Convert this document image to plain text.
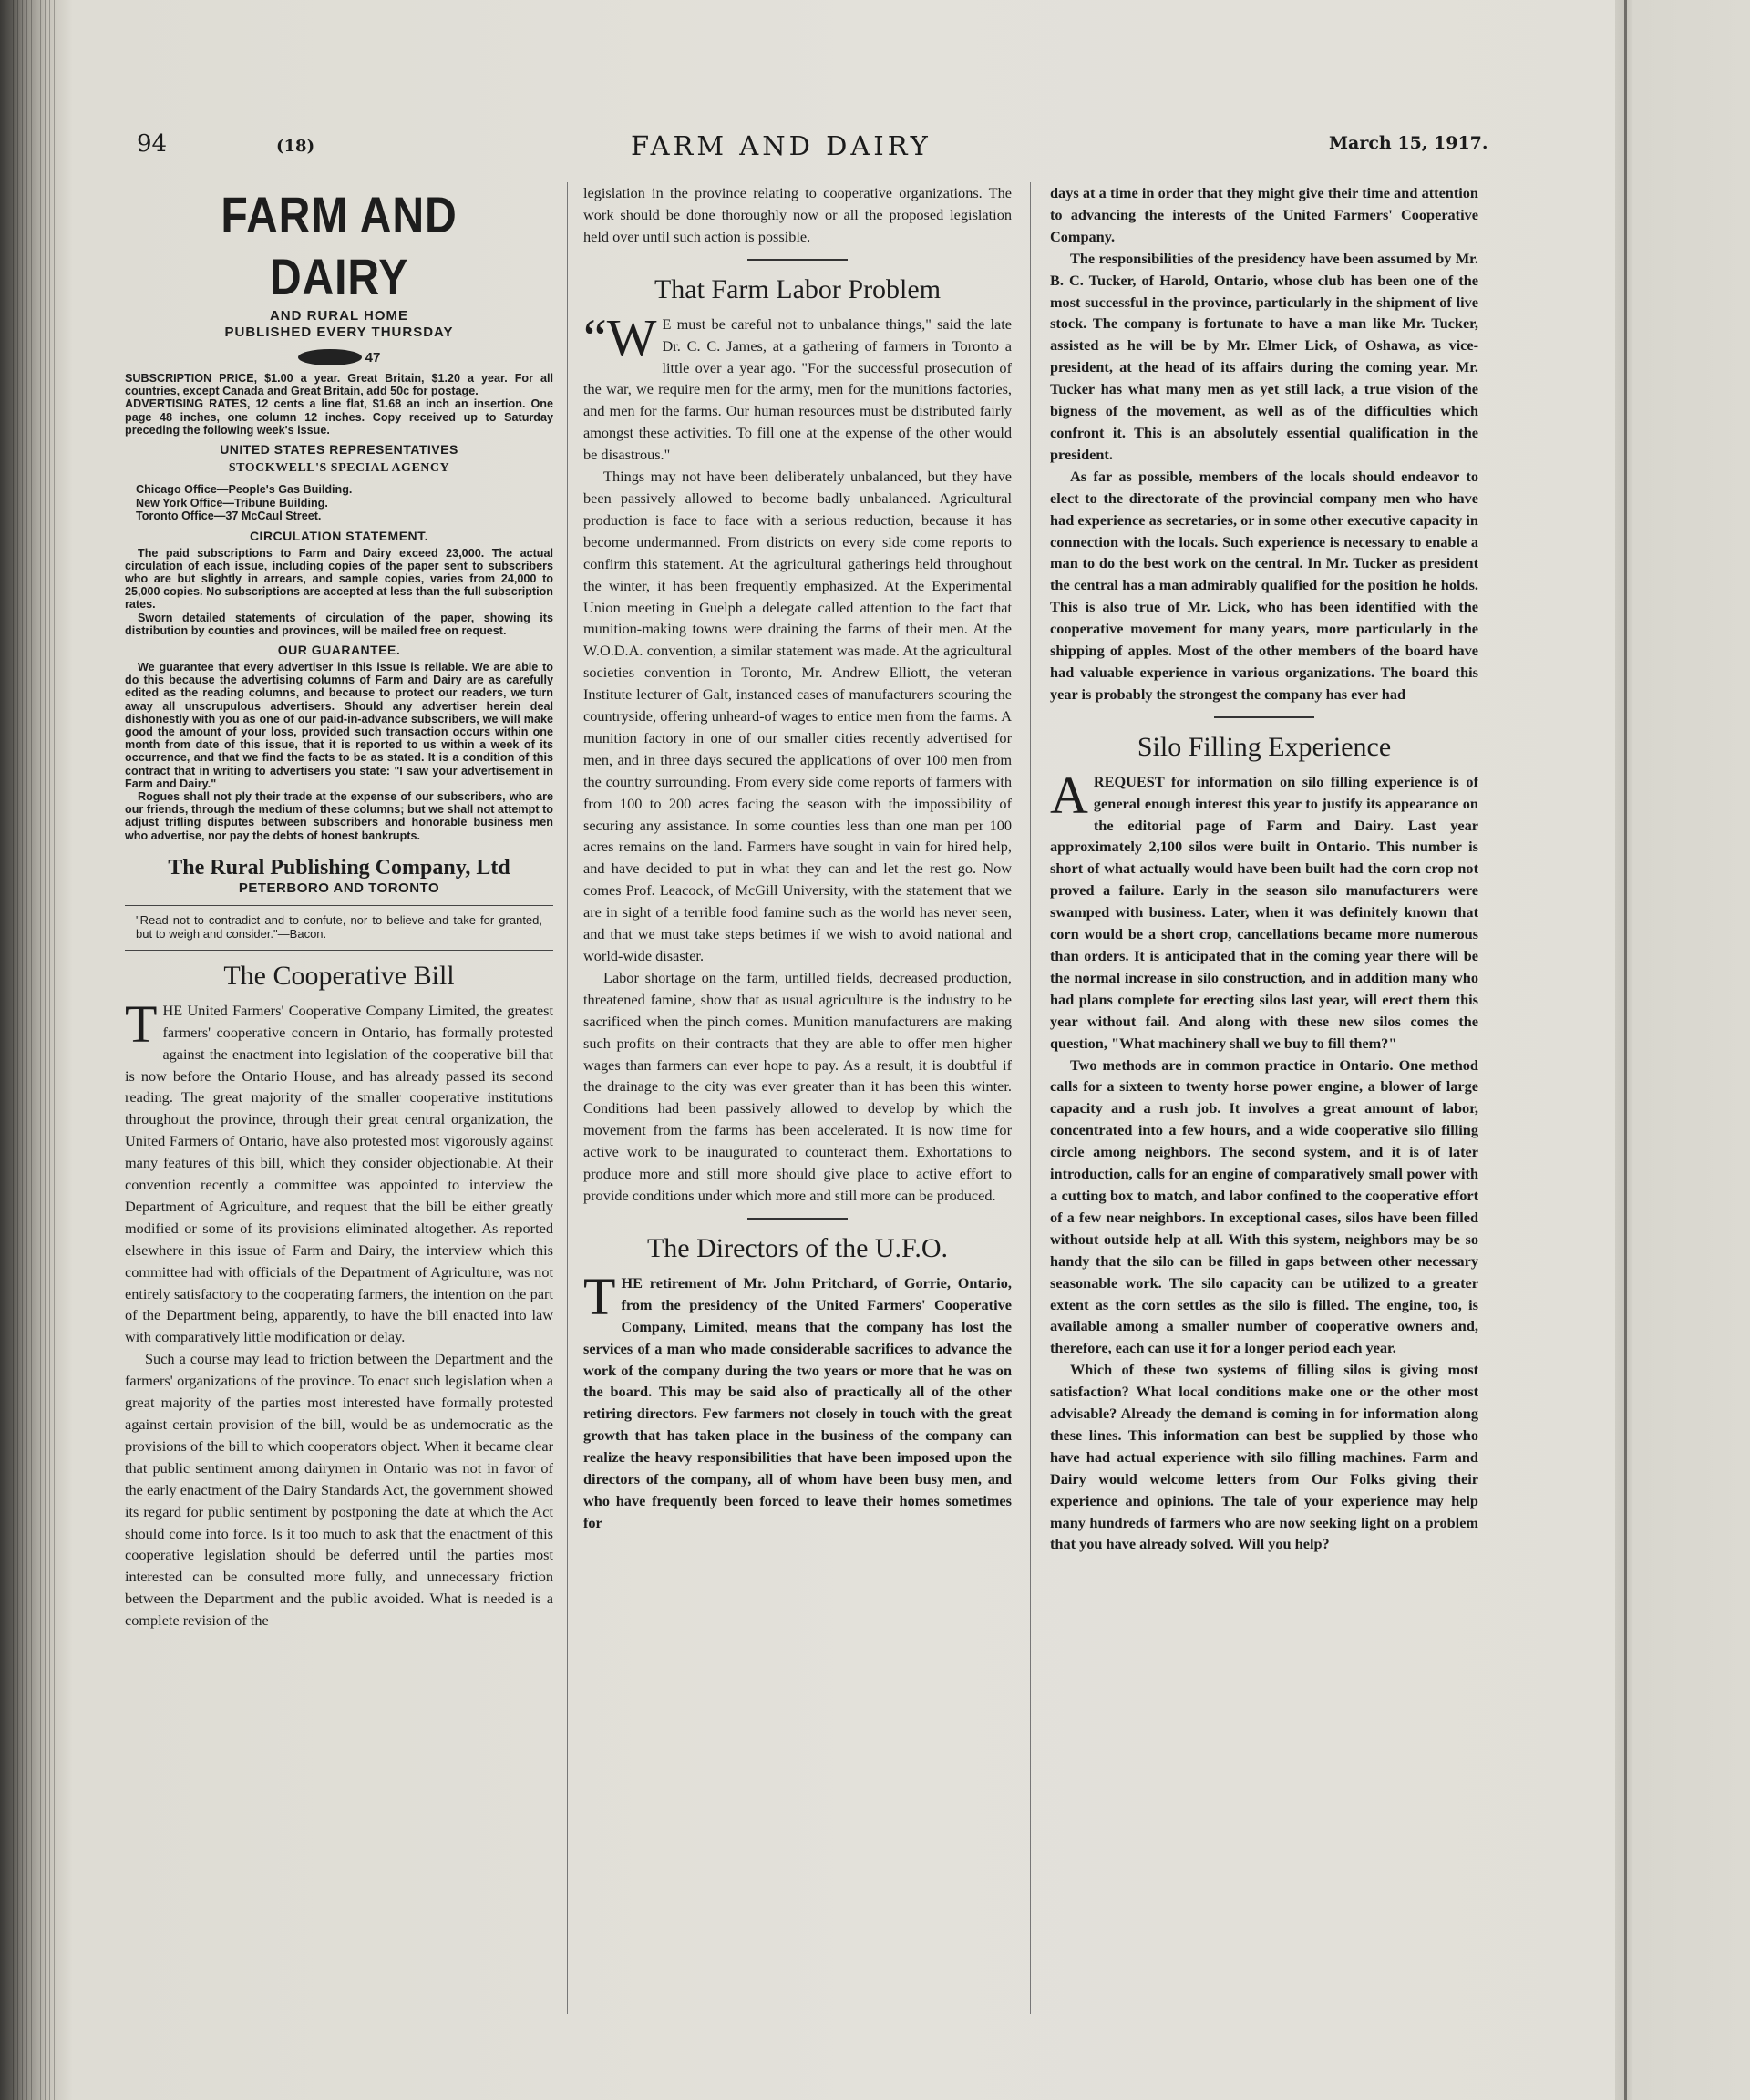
94	(18)	FARM AND DAIRY	March 15, 1917.
FARM AND DAIRY
AND RURAL HOME
PUBLISHED EVERY THURSDAY
47

SUBSCRIPTION PRICE, $1.00 a year. Great Britain, $1.20 a year. For all countries, except Canada and Great Britain, add 50c for postage.

ADVERTISING RATES, 12 cents a line flat, $1.68 an inch an insertion. One page 48 inches, one column 12 inches. Copy received up to Saturday preceding the following week's issue.

UNITED STATES REPRESENTATIVES
STOCKWELL'S SPECIAL AGENCY

Chicago Office—People's Gas Building.

New York Office—Tribune Building.

Toronto Office—37 McCaul Street.

CIRCULATION STATEMENT.

The paid subscriptions to Farm and Dairy exceed 23,000. The actual circulation of each issue, including copies of the paper sent to subscribers who are but slightly in arrears, and sample copies, varies from 24,000 to 25,000 copies. No subscriptions are accepted at less than the full subscription rates.

Sworn detailed statements of circulation of the paper, showing its distribution by counties and provinces, will be mailed free on request.

OUR GUARANTEE.

We guarantee that every advertiser in this issue is reliable. We are able to do this because the advertising columns of Farm and Dairy are as carefully edited as the reading columns, and because to protect our readers, we turn away all unscrupulous advertisers. Should any advertiser herein deal dishonestly with you as one of our paid-in-advance subscribers, we will make good the amount of your loss, provided such transaction occurs within one month from date of this issue, that it is reported to us within a week of its occurrence, and that we find the facts to be as stated. It is a condition of this contract that in writing to advertisers you state: "I saw your advertisement in Farm and Dairy."

Rogues shall not ply their trade at the expense of our subscribers, who are our friends, through the medium of these columns; but we shall not attempt to adjust trifling disputes between subscribers and honorable business men who advertise, nor pay the debts of honest bankrupts.

The Rural Publishing Company, Ltd
PETERBORO AND TORONTO

"Read not to contradict and to confute, nor to believe and take for granted, but to weigh and consider."—Bacon.

The Cooperative Bill

THE United Farmers' Cooperative Company Limited, the greatest farmers' cooperative concern in Ontario, has formally protested against the enactment into legislation of the cooperative bill that is now before the Ontario House, and has already passed its second reading. The great majority of the smaller cooperative institutions throughout the province, through their great central organization, the United Farmers of Ontario, have also protested most vigorously against many features of this bill, which they consider objectionable. At their convention recently a committee was appointed to interview the Department of Agriculture, and request that the bill be either greatly modified or some of its provisions eliminated altogether. As reported elsewhere in this issue of Farm and Dairy, the interview which this committee had with officials of the Department of Agriculture, was not entirely satisfactory to the cooperating farmers, the intention on the part of the Department being, apparently, to have the bill enacted into law with comparatively little modification or delay.

Such a course may lead to friction between the Department and the farmers' organizations of the province. To enact such legislation when a great majority of the parties most interested have formally protested against certain provision of the bill, would be as undemocratic as the provisions of the bill to which cooperators object. When it became clear that public sentiment among dairymen in Ontario was not in favor of the early enactment of the Dairy Standards Act, the government showed its regard for public sentiment by postponing the date at which the Act should come into force. Is it too much to ask that the enactment of this cooperative legislation should be deferred until the parties most interested can be consulted more fully, and unnecessary friction between the Department and the public avoided. What is needed is a complete revision of the

legislation in the province relating to cooperative organizations. The work should be done thoroughly now or all the proposed legislation held over until such action is possible.

That Farm Labor Problem

“W E must be careful not to unbalance things," said the late Dr. C. C. James, at a gathering of farmers in Toronto a little over a year ago. "For the successful prosecution of the war, we require men for the army, men for the munitions factories, and men for the farms. Our human resources must be distributed fairly amongst these activities. To fill one at the expense of the other would be disastrous."

Things may not have been deliberately unbalanced, but they have been passively allowed to become badly unbalanced. Agricultural production is face to face with a serious reduction, because it has become undermanned. From districts on every side come reports to confirm this statement. At the agricultural gatherings held throughout the winter, it has been frequently emphasized. At the Experimental Union meeting in Guelph a delegate called attention to the fact that munition-making towns were draining the farms of their men. At the W.O.D.A. convention, a similar statement was made. At the agricultural societies convention in Toronto, Mr. Andrew Elliott, the veteran Institute lecturer of Galt, instanced cases of manufacturers scouring the countryside, offering unheard-of wages to entice men from the farms. A munition factory in one of our smaller cities recently advertised for men, and in three days secured the applications of over 100 men from the country surrounding. From every side come reports of farmers with from 100 to 200 acres facing the season with the impossibility of securing any assistance. In some counties less than one man per 100 acres remains on the land. Farmers have sought in vain for hired help, and have decided to put in what they can and let the rest go. Now comes Prof. Leacock, of McGill University, with the statement that we are in sight of a terrible food famine such as the world has never seen, and that we must take steps betimes if we wish to avoid national and world-wide disaster.

Labor shortage on the farm, untilled fields, decreased production, threatened famine, show that as usual agriculture is the industry to be sacrificed when the pinch comes. Munition manufacturers are making such profits on their contracts that they are able to offer men higher wages than farmers can ever hope to pay. As a result, it is doubtful if the drainage to the city was ever greater than it has been this winter. Conditions had been passively allowed to develop by which the movement from the farms has been accelerated. It is now time for active work to be inaugurated to counteract them. Exhortations to produce more and still more should give place to active effort to provide conditions under which more and still more can be produced.

The Directors of the U.F.O.

THE retirement of Mr. John Pritchard, of Gorrie, Ontario, from the presidency of the United Farmers' Cooperative Company, Limited, means that the company has lost the services of a man who made considerable sacrifices to advance the work of the company during the two years or more that he was on the board. This may be said also of practically all of the other retiring directors. Few farmers not closely in touch with the great growth that has taken place in the business of the company can realize the heavy responsibilities that have been imposed upon the directors of the company, all of whom have been busy men, and who have frequently been forced to leave their homes sometimes for

days at a time in order that they might give their time and attention to advancing the interests of the United Farmers' Cooperative Company.

The responsibilities of the presidency have been assumed by Mr. B. C. Tucker, of Harold, Ontario, whose club has been one of the most successful in the province, particularly in the shipment of live stock. The company is fortunate to have a man like Mr. Tucker, assisted as he will be by Mr. Elmer Lick, of Oshawa, as vice-president, at the head of its affairs during the coming year. Mr. Tucker has what many men as yet still lack, a true vision of the bigness of the movement, as well as of the difficulties which confront it. This is an absolutely essential qualification in the president.

As far as possible, members of the locals should endeavor to elect to the directorate of the provincial company men who have had experience as secretaries, or in some other executive capacity in connection with the locals. Such experience is necessary to enable a man to do the best work on the central. In Mr. Tucker as president the central has a man admirably qualified for the position he holds. This is also true of Mr. Lick, who has been identified with the cooperative movement for many years, more particularly in the shipping of apples. Most of the other members of the board have had valuable experience in various organizations. The board this year is probably the strongest the company has ever had

Silo Filling Experience

AREQUEST for information on silo filling experience is of general enough interest this year to justify its appearance on the editorial page of Farm and Dairy. Last year approximately 2,100 silos were built in Ontario. This number is short of what actually would have been built had the corn crop not proved a failure. Early in the season silo manufacturers were swamped with business. Later, when it was definitely known that corn would be a short crop, cancellations became more numerous than orders. It is anticipated that in the coming year there will be the normal increase in silo construction, and in addition many who had plans complete for erecting silos last year, will erect them this year without fail. And along with these new silos comes the question, "What machinery shall we buy to fill them?"

Two methods are in common practice in Ontario. One method calls for a sixteen to twenty horse power engine, a blower of large capacity and a rush job. It involves a great amount of labor, concentrated into a few hours, and a wide cooperative silo filling circle among neighbors. The second system, and it is of later introduction, calls for an engine of comparatively small power with a cutting box to match, and labor confined to the cooperative effort of a few near neighbors. In exceptional cases, silos have been filled without outside help at all. With this system, neighbors may be so handy that the silo can be filled in gaps between other necessary seasonable work. The silo capacity can be utilized to a greater extent as the corn settles as the silo is filled. The engine, too, is available among a smaller number of cooperative owners and, therefore, each can use it for a longer period each year.

Which of these two systems of filling silos is giving most satisfaction? What local conditions make one or the other most advisable? Already the demand is coming in for information along these lines. This information can best be supplied by those who have had actual experience with silo filling machines. Farm and Dairy would welcome letters from Our Folks giving their experience and opinions. The tale of your experience may help many hundreds of farmers who are now seeking light on a problem that you have already solved. Will you help?
